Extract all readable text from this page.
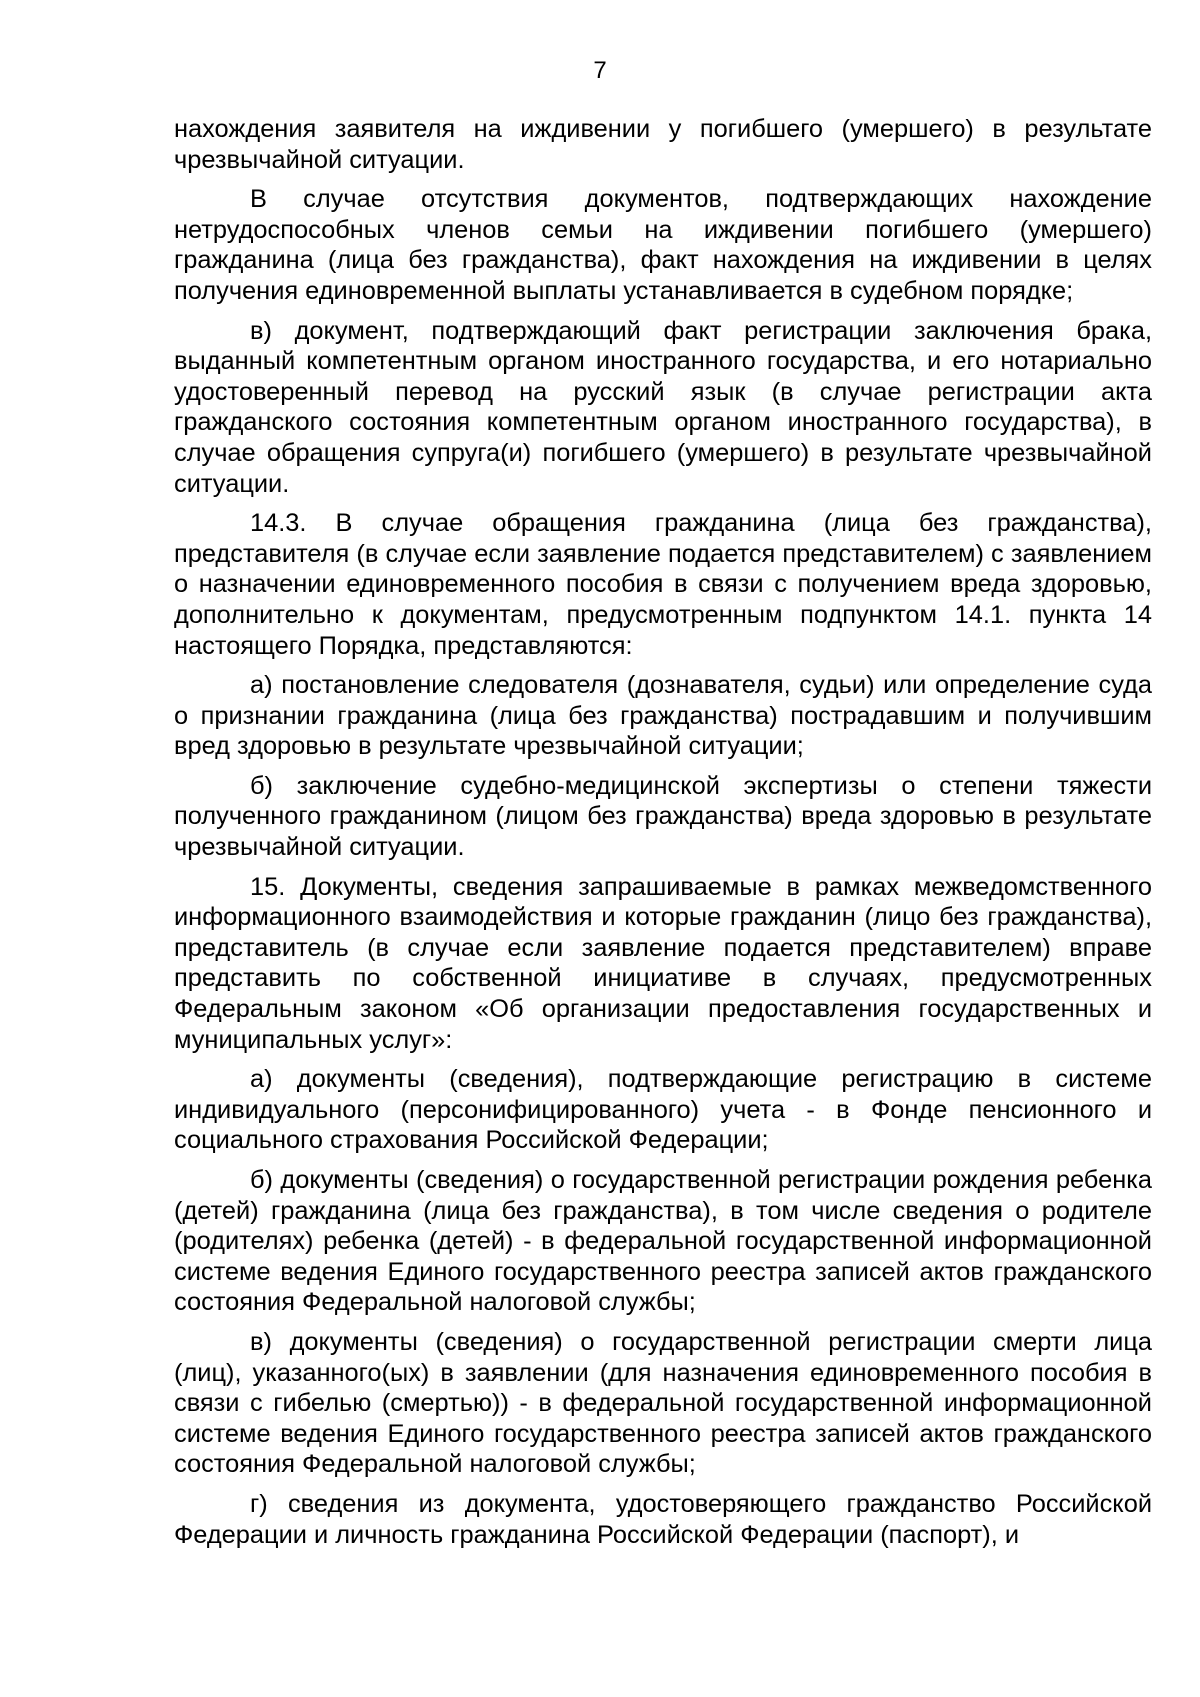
7

нахождения заявителя на иждивении у погибшего (умершего) в результате чрезвычайной ситуации.

В случае отсутствия документов, подтверждающих нахождение нетрудоспособных членов семьи на иждивении погибшего (умершего) гражданина (лица без гражданства), факт нахождения на иждивении в целях получения единовременной выплаты устанавливается в судебном порядке;

в) документ, подтверждающий факт регистрации заключения брака, выданный компетентным органом иностранного государства, и его нотариально удостоверенный перевод на русский язык (в случае регистрации акта гражданского состояния компетентным органом иностранного государства), в случае обращения супруга(и) погибшего (умершего) в результате чрезвычайной ситуации.

14.3. В случае обращения гражданина (лица без гражданства), представителя (в случае если заявление подается представителем) с заявлением о назначении единовременного пособия в связи с получением вреда здоровью, дополнительно к документам, предусмотренным подпунктом 14.1. пункта 14 настоящего Порядка, представляются:

а) постановление следователя (дознавателя, судьи) или определение суда о признании гражданина (лица без гражданства) пострадавшим и получившим вред здоровью в результате чрезвычайной ситуации;

б) заключение судебно-медицинской экспертизы о степени тяжести полученного гражданином (лицом без гражданства) вреда здоровью в результате чрезвычайной ситуации.

15. Документы, сведения запрашиваемые в рамках межведомственного информационного взаимодействия и которые гражданин (лицо без гражданства), представитель (в случае если заявление подается представителем) вправе представить по собственной инициативе в случаях, предусмотренных Федеральным законом «Об организации предоставления государственных и муниципальных услуг»:

а) документы (сведения), подтверждающие регистрацию в системе индивидуального (персонифицированного) учета - в Фонде пенсионного и социального страхования Российской Федерации;

б) документы (сведения) о государственной регистрации рождения ребенка (детей) гражданина (лица без гражданства), в том числе сведения о родителе (родителях) ребенка (детей) - в федеральной государственной информационной системе ведения Единого государственного реестра записей актов гражданского состояния Федеральной налоговой службы;

в) документы (сведения) о государственной регистрации смерти лица (лиц), указанного(ых) в заявлении (для назначения единовременного пособия в связи с гибелью (смертью)) - в федеральной государственной информационной системе ведения Единого государственного реестра записей актов гражданского состояния Федеральной налоговой службы;

г) сведения из документа, удостоверяющего гражданство Российской Федерации и личность гражданина Российской Федерации (паспорт), и
